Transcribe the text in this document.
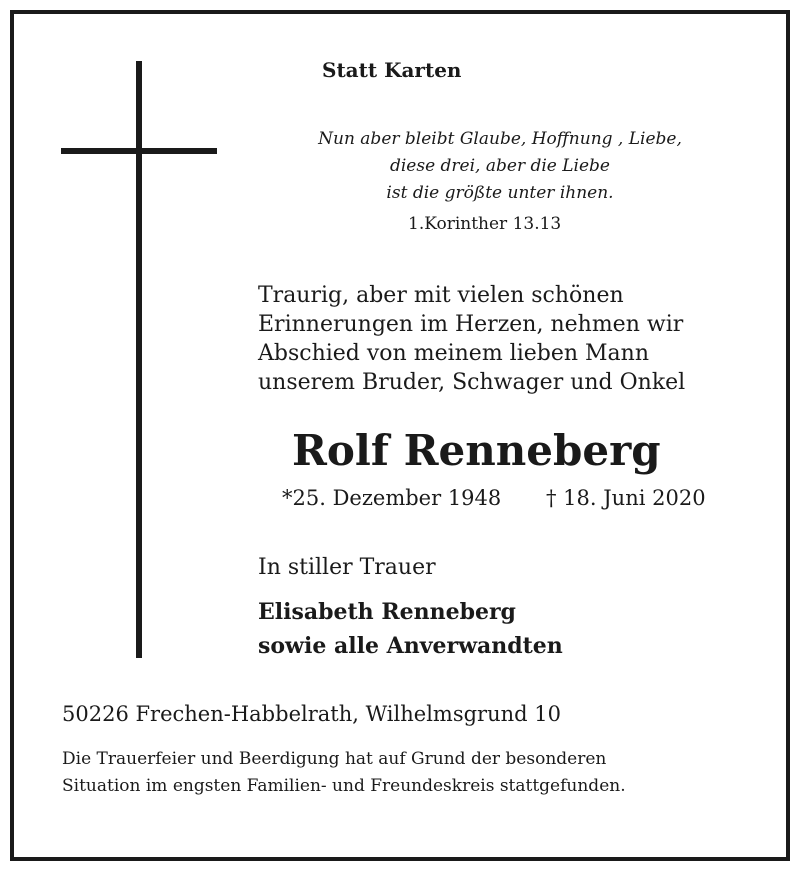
Statt Karten
Nun aber bleibt Glaube, Hoffnung , Liebe,
diese drei, aber die Liebe
ist die größte unter ihnen.
1.Korinther 13.13
Traurig, aber mit vielen schönen
Erinnerungen im Herzen, nehmen wir
Abschied von meinem lieben Mann
unserem Bruder, Schwager und Onkel
Rolf Renneberg
*25. Dezember 1948 † 18. Juni 2020
In stiller Trauer
Elisabeth Renneberg
sowie alle Anverwandten
50226 Frechen-Habbelrath, Wilhelmsgrund 10
Die Trauerfeier und Beerdigung hat auf Grund der besonderen
Situation im engsten Familien- und Freundeskreis stattgefunden.
